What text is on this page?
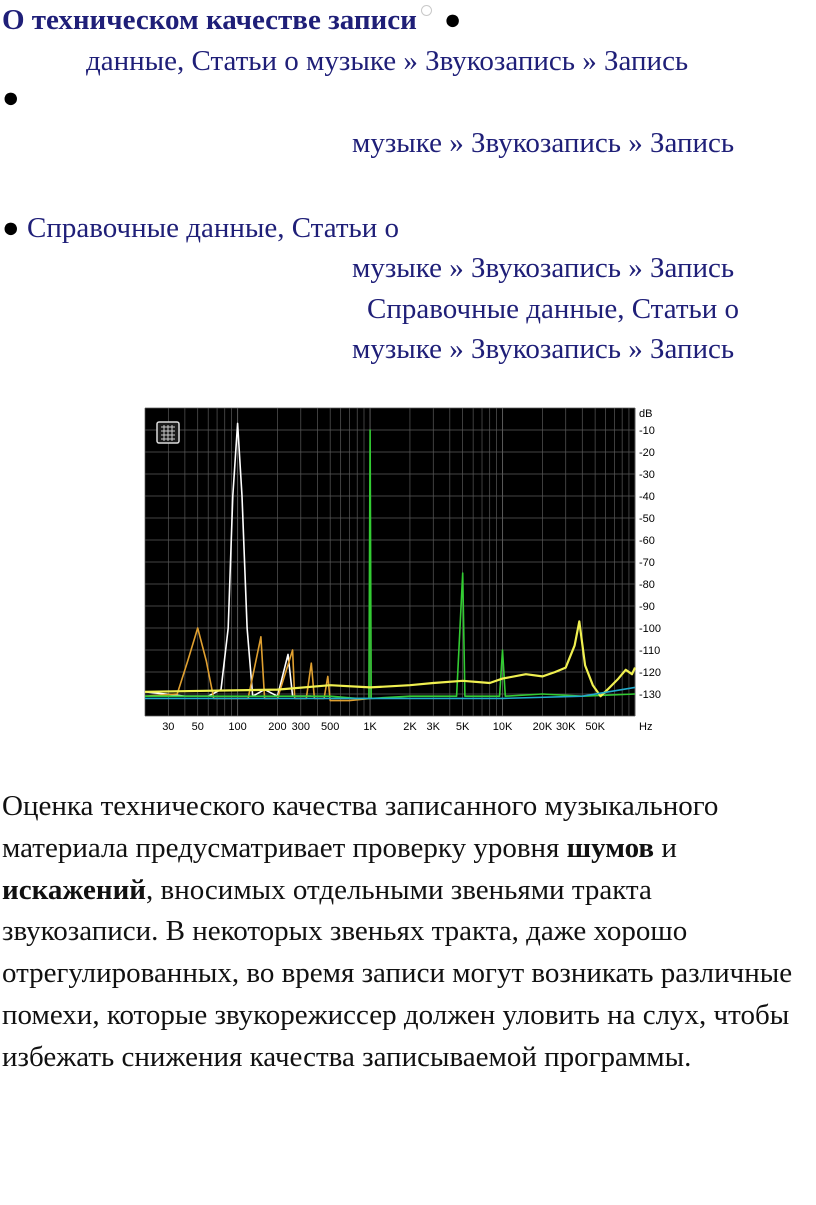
О техническом качестве записи ●
данные, Статьи о музыке » Звукозапись » Запись
●
музыке » Звукозапись » Запись
● Справочные данные, Статьи о
музыке » Звукозапись » Запись
Справочные данные, Статьи о
музыке » Звукозапись » Запись
dB
-10
-20
-30
-40
-50
-60
-70
-80
-90
-100
-110
-120
-130
30 50 100 200 300 500 1K 2K 3K 5K 10K 20K 30K 50K	Hz

Оценка технического качества записанного музыкального материала предусматривает проверку уровня шумов и искажений, вносимых отдельными звеньями тракта звукозаписи. В некоторых звеньях тракта, даже хорошо отрегулированных, во время записи могут возникать различные помехи, которые звукорежиссер должен уловить на слух, чтобы избежать снижения качества записываемой программы.
